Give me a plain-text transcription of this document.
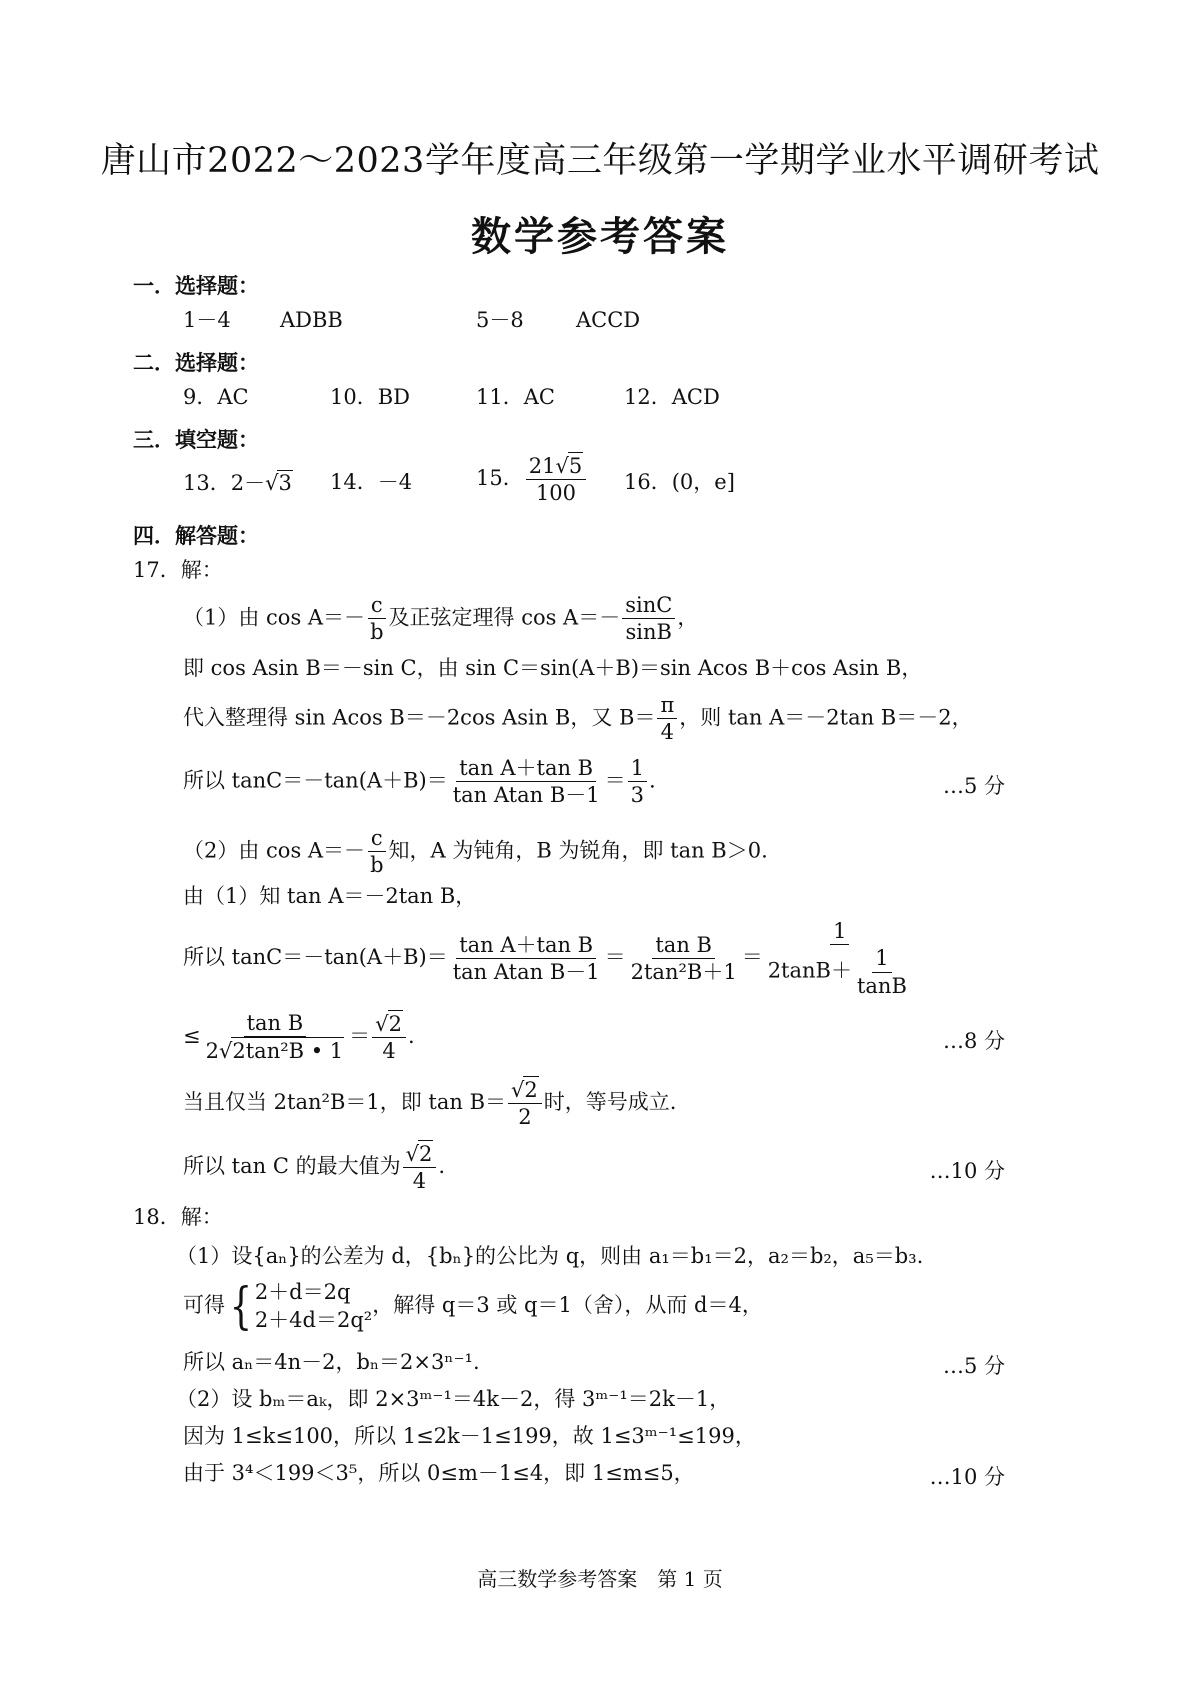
唐山市2022～2023学年度高三年级第一学期学业水平调研考试
数学参考答案
一．选择题：
1－4 ADBB	5－8 ACCD
二．选择题：
9．AC	10．BD	11．AC	12．ACD
三．填空题：
13．2－√3 14．－4	15． $\frac{21√5}{100} 16$．(0，e]
四．解答题：
17．解：
（1）由 $\cos A=- \frac{c}{b}$ 及正弦定理得 $\cos A=- \frac{\sin C}{\sin B}$ ，
即 cos Asin B＝－sin C，由 sin C＝sin(A＋B)＝sin Acos B＋cos Asin B，
代入整理得 sin Acos B＝－2cos Asin B，又 $B= \frac{\pi}{4}$ ，则 tan A＝－2tan B＝－2，
所以 $\tan C=-\tan(A+B)= \frac{\text{tan A＋tan B}}{\text{tan Atan B－1}} = \frac{1}{3}$ .	…5 分
（2）由 $\cos A=- \frac{c}{b}$ 知，A 为钝角，B 为锐角，即 tan B＞0.
由（1）知 tan A＝－2tan B，
所以 $\tan C=-\tan(A+B)= \frac{\text{tan A＋tan B}}{\text{tan Atan B－1}} = \frac{\text{tan B}}{\text{2tan²B＋1}} = \frac{1}{2\tan B+ \frac{1}{\tan B}}$
≤ $\frac{\text{tan B}}{\text{2√2tan²B • 1}} = \frac{√2}{4}$ .	…8 分
当且仅当 2tan²B＝1，即 $\tan B= \frac{√2}{2}$ 时，等号成立.
所以 tan C 的最大值为 $\frac{√2}{4}$ .	…10 分
18．解：
（1）设{aₙ}的公差为 d，{bₙ}的公比为 q，则由 a₁＝b₁＝2，a₂＝b₂，a₅＝b₃.
可得{ 2＋d＝2q
2＋4d＝2q²
，解得 q＝3 或 q＝1（舍），从而 d＝4，
所以 aₙ＝4n－2，bₙ＝2×3ⁿ⁻¹.	…5 分
（2）设 bₘ＝aₖ，即 2×3ᵐ⁻¹＝4k－2，得 3ᵐ⁻¹＝2k－1，
因为 1≤k≤100，所以 1≤2k－1≤199，故 1≤3ᵐ⁻¹≤199，
由于 3⁴＜199＜3⁵，所以 0≤m－1≤4，即 1≤m≤5，	…10 分
高三数学参考答案　第 1 页
